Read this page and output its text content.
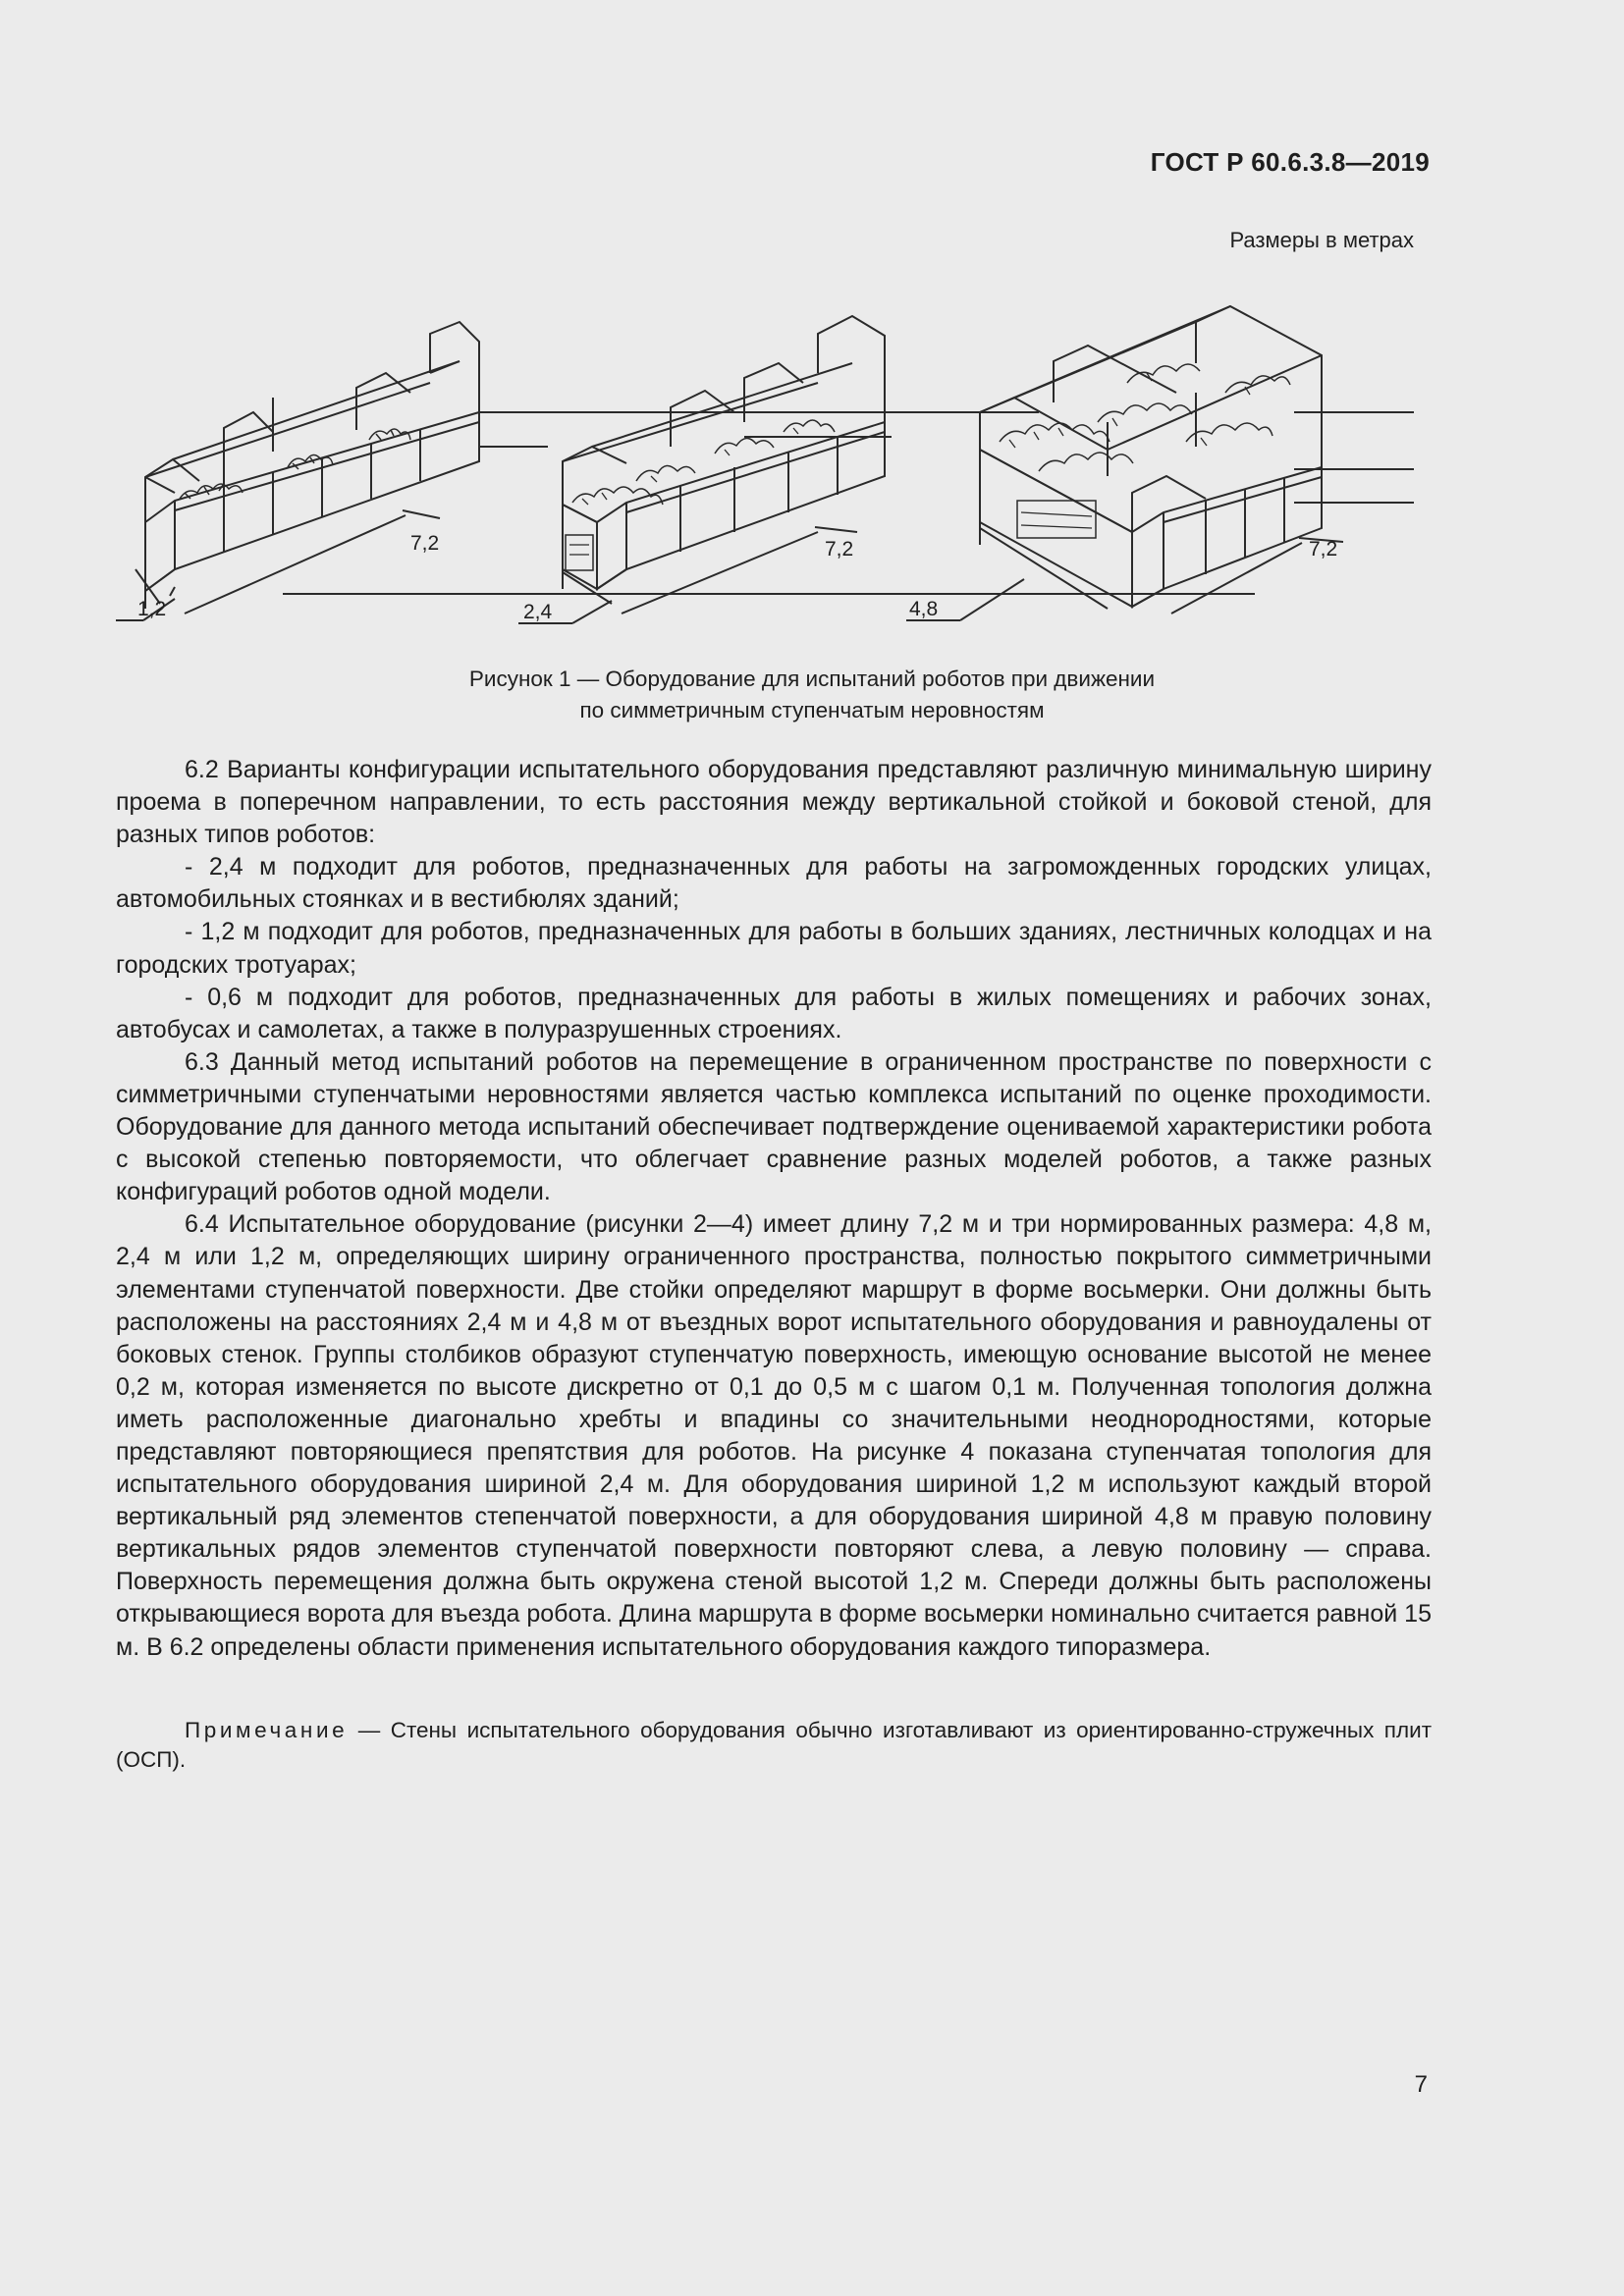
ГОСТ Р 60.6.3.8—2019
Размеры в метрах
1,2
7,2
2,4
7,2
4,8
7,2
Рисунок 1 — Оборудование для испытаний роботов при движении
по симметричным ступенчатым неровностям

6.2 Варианты конфигурации испытательного оборудования представляют различную минимальную ширину проема в поперечном направлении, то есть расстояния между вертикальной стойкой и боковой стеной, для разных типов роботов:

- 2,4 м подходит для роботов, предназначенных для работы на загроможденных городских улицах, автомобильных стоянках и в вестибюлях зданий;

- 1,2 м подходит для роботов, предназначенных для работы в больших зданиях, лестничных колодцах и на городских тротуарах;

- 0,6 м подходит для роботов, предназначенных для работы в жилых помещениях и рабочих зонах, автобусах и самолетах, а также в полуразрушенных строениях.

6.3 Данный метод испытаний роботов на перемещение в ограниченном пространстве по поверхности с симметричными ступенчатыми неровностями является частью комплекса испытаний по оценке проходимости. Оборудование для данного метода испытаний обеспечивает подтверждение оцениваемой характеристики робота с высокой степенью повторяемости, что облегчает сравнение разных моделей роботов, а также разных конфигураций роботов одной модели.

6.4 Испытательное оборудование (рисунки 2—4) имеет длину 7,2 м и три нормированных размера: 4,8 м, 2,4 м или 1,2 м, определяющих ширину ограниченного пространства, полностью покрытого симметричными элементами ступенчатой поверхности. Две стойки определяют маршрут в форме восьмерки. Они должны быть расположены на расстояниях 2,4 м и 4,8 м от въездных ворот испытательного оборудования и равноудалены от боковых стенок. Группы столбиков образуют ступенчатую поверхность, имеющую основание высотой не менее 0,2 м, которая изменяется по высоте дискретно от 0,1 до 0,5 м с шагом 0,1 м. Полученная топология должна иметь расположенные диагонально хребты и впадины со значительными неоднородностями, которые представляют повторяющиеся препятствия для роботов. На рисунке 4 показана ступенчатая топология для испытательного оборудования шириной 2,4 м. Для оборудования шириной 1,2 м используют каждый второй вертикальный ряд элементов степенчатой поверхности, а для оборудования шириной 4,8 м правую половину вертикальных рядов элементов ступенчатой поверхности повторяют слева, а левую половину — справа. Поверхность перемещения должна быть окружена стеной высотой 1,2 м. Спереди должны быть расположены открывающиеся ворота для въезда робота. Длина маршрута в форме восьмерки номинально считается равной 15 м. В 6.2 определены области применения испытательного оборудования каждого типоразмера.

Примечание — Стены испытательного оборудования обычно изготавливают из ориентированно-стружечных плит (ОСП).
7
